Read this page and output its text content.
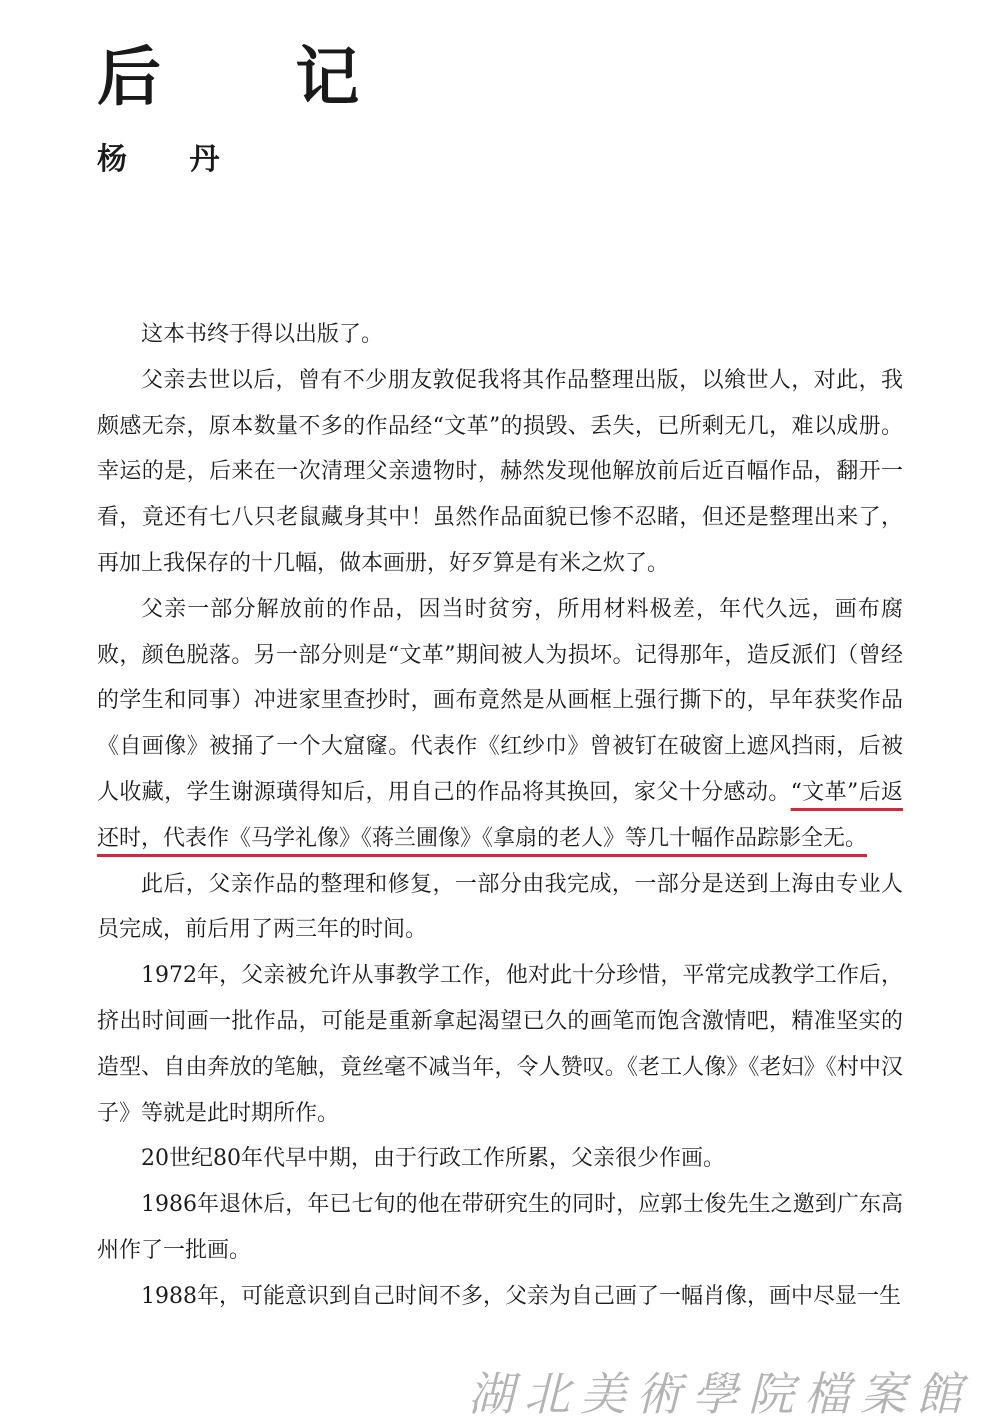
后 记
杨 丹

这本书终于得以出版了。

父亲去世以后，曾有不少朋友敦促我将其作品整理出版，以飨世人，对此，我颇感无奈，原本数量不多的作品经“文革”的损毁、丢失，已所剩无几，难以成册。幸运的是，后来在一次清理父亲遗物时，赫然发现他解放前后近百幅作品，翻开一看，竟还有七八只老鼠藏身其中！虽然作品面貌已惨不忍睹，但还是整理出来了，再加上我保存的十几幅，做本画册，好歹算是有米之炊了。

父亲一部分解放前的作品，因当时贫穷，所用材料极差，年代久远，画布腐败，颜色脱落。另一部分则是“文革”期间被人为损坏。记得那年，造反派们（曾经的学生和同事）冲进家里查抄时，画布竟然是从画框上强行撕下的，早年获奖作品《自画像》被捅了一个大窟窿。代表作《红纱巾》曾被钉在破窗上遮风挡雨，后被人收藏，学生谢源璜得知后，用自己的作品将其换回，家父十分感动。“文革”后返还时，代表作《马学礼像》《蒋兰圃像》《拿扇的老人》等几十幅作品踪影全无。

此后，父亲作品的整理和修复，一部分由我完成，一部分是送到上海由专业人员完成，前后用了两三年的时间。

1972年，父亲被允许从事教学工作，他对此十分珍惜，平常完成教学工作后，挤出时间画一批作品，可能是重新拿起渴望已久的画笔而饱含激情吧，精准坚实的造型、自由奔放的笔触，竟丝毫不减当年，令人赞叹。《老工人像》《老妇》《村中汉子》等就是此时期所作。

20世纪80年代早中期，由于行政工作所累，父亲很少作画。

1986年退休后，年已七旬的他在带研究生的同时，应郭士俊先生之邀到广东高州作了一批画。

1988年，可能意识到自己时间不多，父亲为自己画了一幅肖像，画中尽显一生

湖北美術學院檔案館
